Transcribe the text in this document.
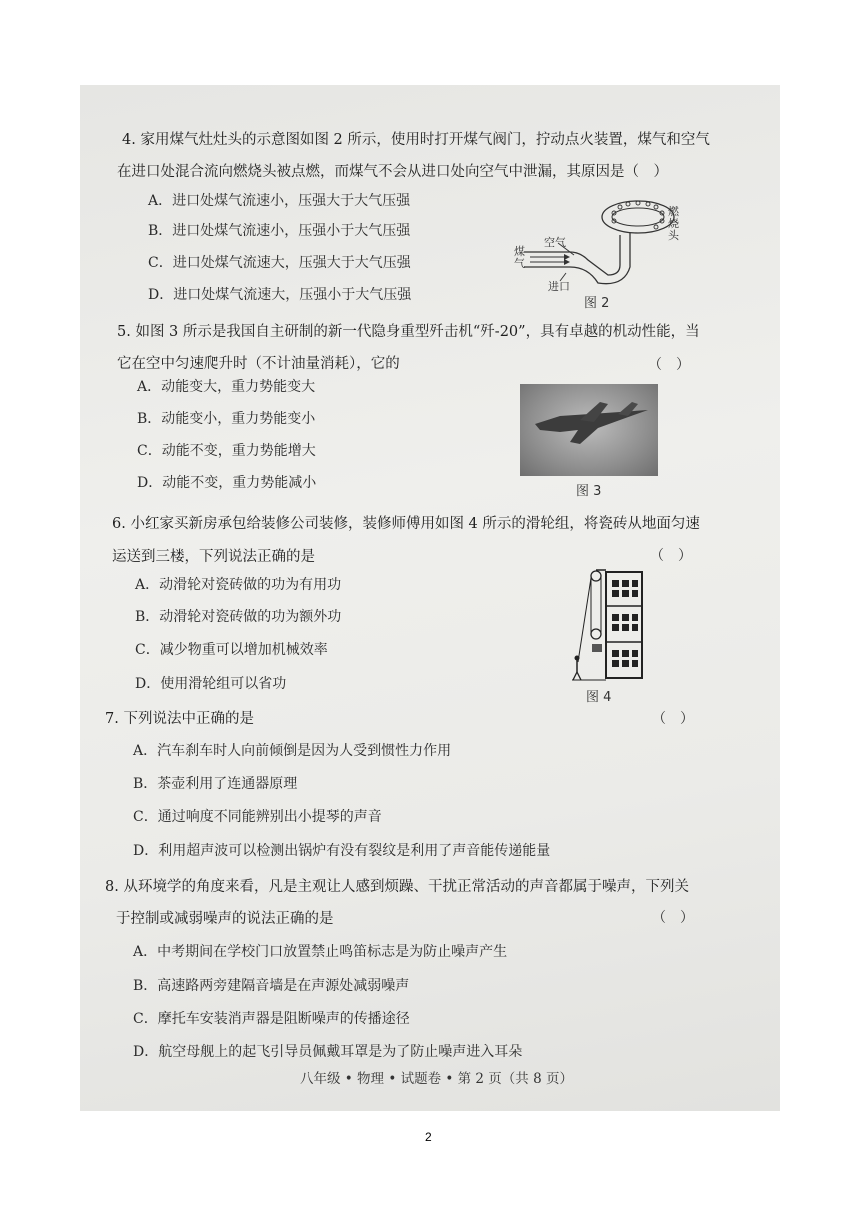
4. 家用煤气灶灶头的示意图如图 2 所示，使用时打开煤气阀门，拧动点火装置，煤气和空气
在进口处混合流向燃烧头被点燃，而煤气不会从进口处向空气中泄漏，其原因是（　）
A．进口处煤气流速小，压强大于大气压强
B．进口处煤气流速小，压强小于大气压强
C．进口处煤气流速大，压强大于大气压强
D．进口处煤气流速大，压强小于大气压强
空气
煤气
进口
燃烧头
图 2
5. 如图 3 所示是我国自主研制的新一代隐身重型歼击机“歼-20”，具有卓越的机动性能，当
它在空中匀速爬升时（不计油量消耗），它的	（　）
A．动能变大，重力势能变大
B．动能变小，重力势能变小
C．动能不变，重力势能增大
D．动能不变，重力势能减小
图 3
6. 小红家买新房承包给装修公司装修，装修师傅用如图 4 所示的滑轮组，将瓷砖从地面匀速
运送到三楼，下列说法正确的是	（　）
A．动滑轮对瓷砖做的功为有用功
B．动滑轮对瓷砖做的功为额外功
C．减少物重可以增加机械效率
D．使用滑轮组可以省功
图 4
7. 下列说法中正确的是	（　）
A．汽车刹车时人向前倾倒是因为人受到惯性力作用
B．茶壶利用了连通器原理
C．通过响度不同能辨别出小提琴的声音
D．利用超声波可以检测出锅炉有没有裂纹是利用了声音能传递能量
8. 从环境学的角度来看，凡是主观让人感到烦躁、干扰正常活动的声音都属于噪声，下列关
于控制或减弱噪声的说法正确的是	（　）
A．中考期间在学校门口放置禁止鸣笛标志是为防止噪声产生
B．高速路两旁建隔音墙是在声源处减弱噪声
C．摩托车安装消声器是阻断噪声的传播途径
D．航空母舰上的起飞引导员佩戴耳罩是为了防止噪声进入耳朵
八年级 • 物理 • 试题卷 • 第 2 页（共 8 页）
2
